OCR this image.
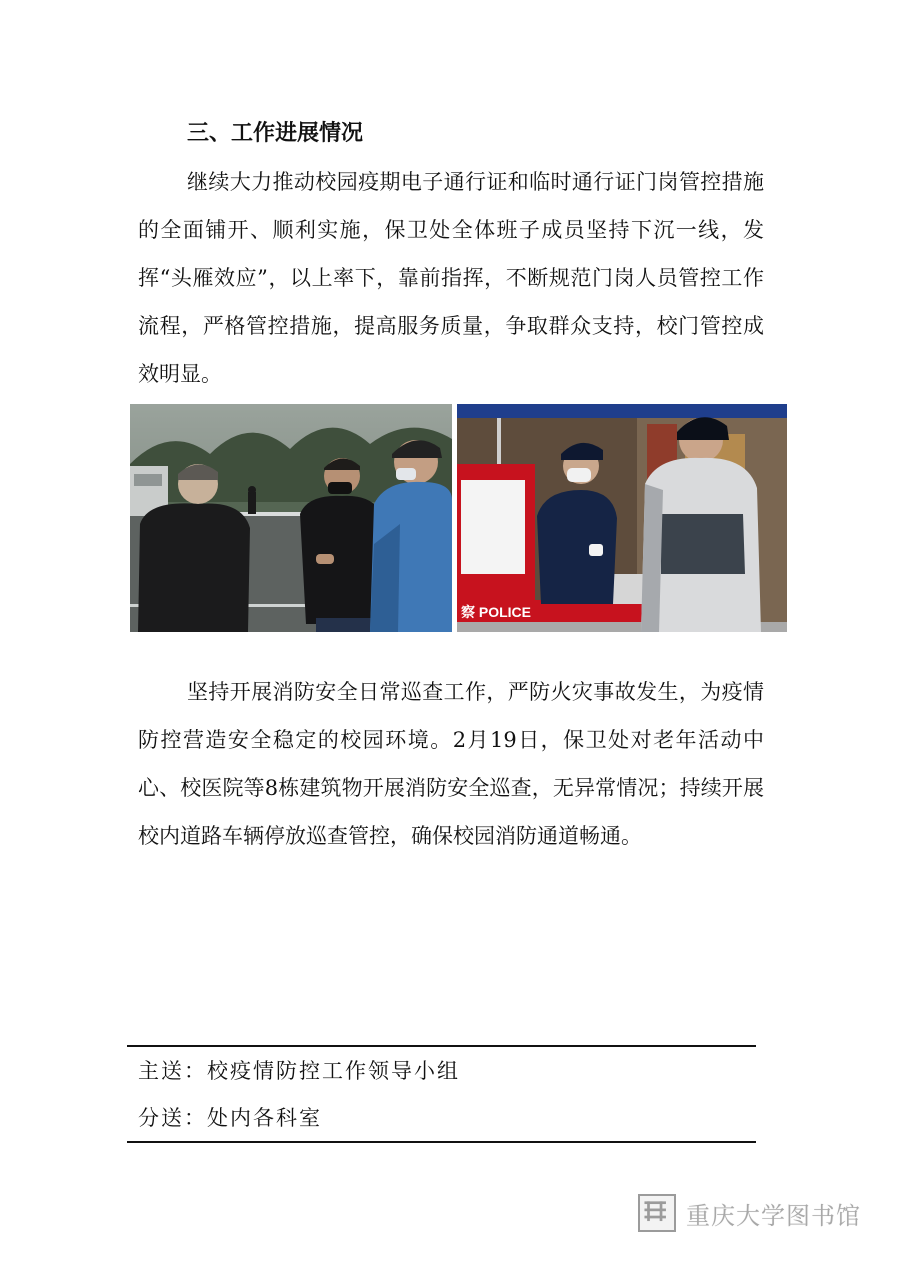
三、工作进展情况

继续大力推动校园疫期电子通行证和临时通行证门岗管控措施的全面铺开、顺利实施，保卫处全体班子成员坚持下沉一线，发挥“头雁效应”，以上率下，靠前指挥，不断规范门岗人员管控工作流程，严格管控措施，提高服务质量，争取群众支持，校门管控成效明显。

察 POLICE

坚持开展消防安全日常巡查工作，严防火灾事故发生，为疫情防控营造安全稳定的校园环境。2月19日，保卫处对老年活动中心、校医院等8栋建筑物开展消防安全巡查，无异常情况；持续开展校内道路车辆停放巡查管控，确保校园消防通道畅通。

主送：校疫情防控工作领导小组
分送：处内各科室
重庆大学图书馆
